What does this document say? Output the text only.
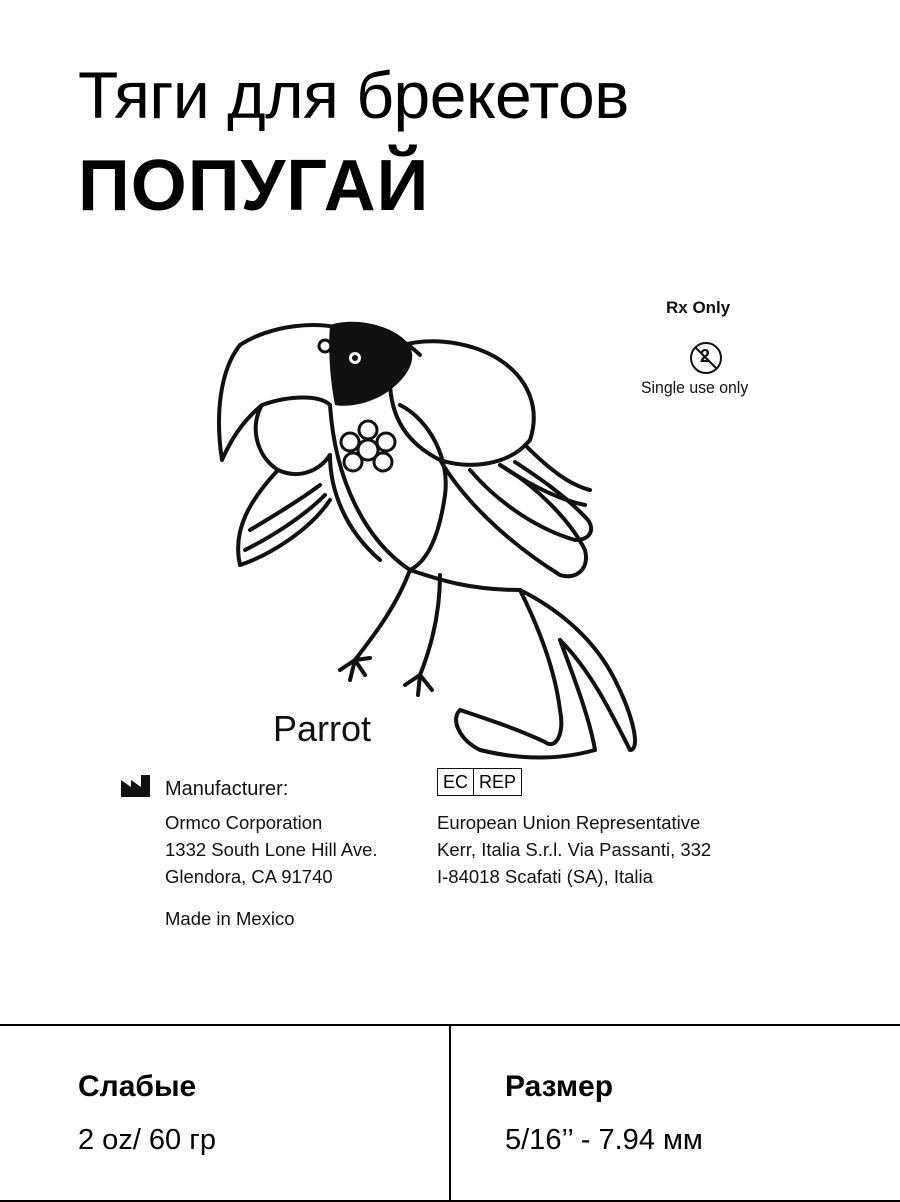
Тяги для брекетов
ПОПУГАЙ
Rx Only
2
Single use only
Parrot
Manufacturer:
Ormco Corporation
1332 South Lone Hill Ave.
Glendora, CA 91740
Made in Mexico
EC REP
European Union Representative
Kerr, Italia S.r.l. Via Passanti, 332
I-84018 Scafati (SA), Italia
Слабые
2 oz/ 60 гр
Размер
5/16’’ - 7.94 мм
